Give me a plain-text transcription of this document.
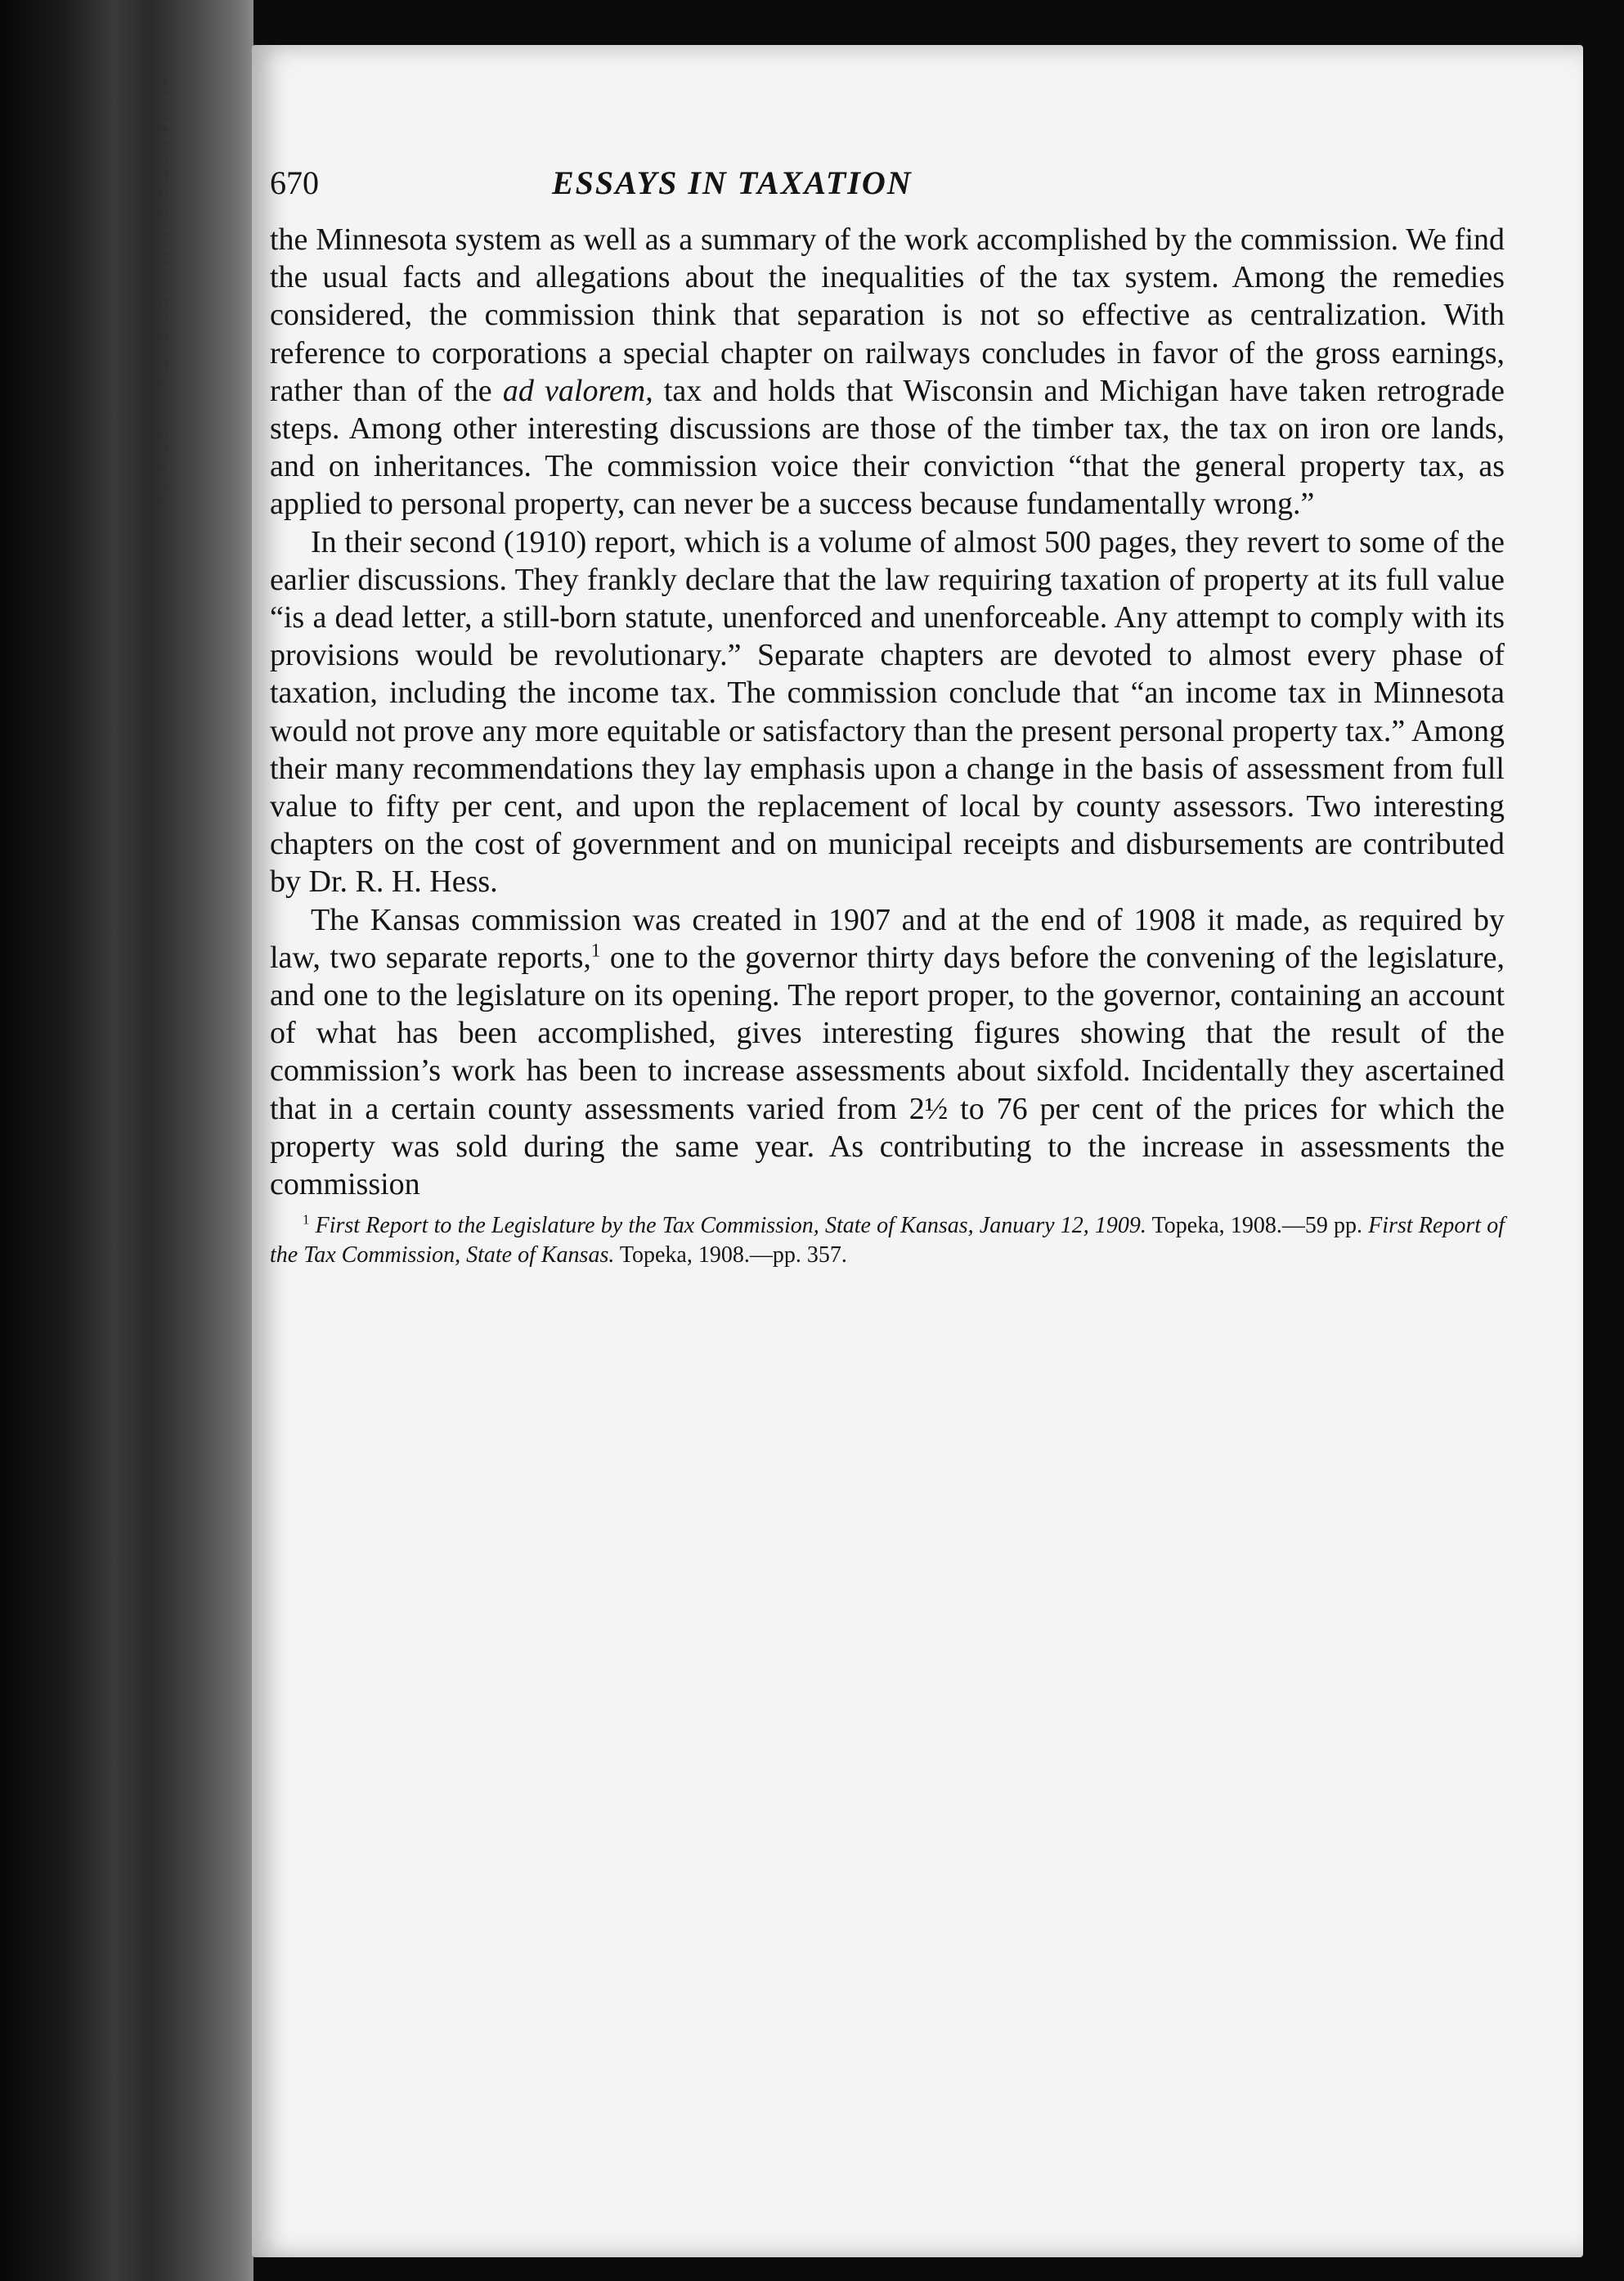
McMASTER UNIVERSITY LIBRARY	670	ESSAYS IN TAXATION

the Minnesota system as well as a summary of the work accomplished by the commission. We find the usual facts and allegations about the inequalities of the tax system. Among the remedies considered, the commission think that separation is not so effective as centralization. With reference to corporations a special chapter on railways concludes in favor of the gross earnings, rather than of the ad valorem, tax and holds that Wisconsin and Michigan have taken retrograde steps. Among other interesting discussions are those of the timber tax, the tax on iron ore lands, and on inheritances. The commission voice their conviction “that the general property tax, as applied to personal property, can never be a success because fundamentally wrong.”

In their second (1910) report, which is a volume of almost 500 pages, they revert to some of the earlier discussions. They frankly declare that the law requiring taxation of property at its full value “is a dead letter, a still-born statute, unenforced and unenforceable. Any attempt to comply with its provisions would be revolutionary.” Separate chapters are devoted to almost every phase of taxation, including the income tax. The commission conclude that “an income tax in Minnesota would not prove any more equitable or satisfactory than the present personal property tax.” Among their many recommendations they lay emphasis upon a change in the basis of assessment from full value to fifty per cent, and upon the replacement of local by county assessors. Two interesting chapters on the cost of government and on municipal receipts and disbursements are contributed by Dr. R. H. Hess.

The Kansas commission was created in 1907 and at the end of 1908 it made, as required by law, two separate reports,$^1$ one to the governor thirty days before the convening of the legislature, and one to the legislature on its opening. The report proper, to the governor, containing an account of what has been accomplished, gives interesting figures showing that the result of the commission’s work has been to increase assessments about sixfold. Incidentally they ascertained that in a certain county assessments varied from 2½ to 76 per cent of the prices for which the property was sold during the same year. As contributing to the increase in assessments the commission

$^1$ First Report to the Legislature by the Tax Commission, State of Kansas, January 12, 1909. Topeka, 1908.—59 pp. First Report of the Tax Commission, State of Kansas. Topeka, 1908.—pp. 357.
